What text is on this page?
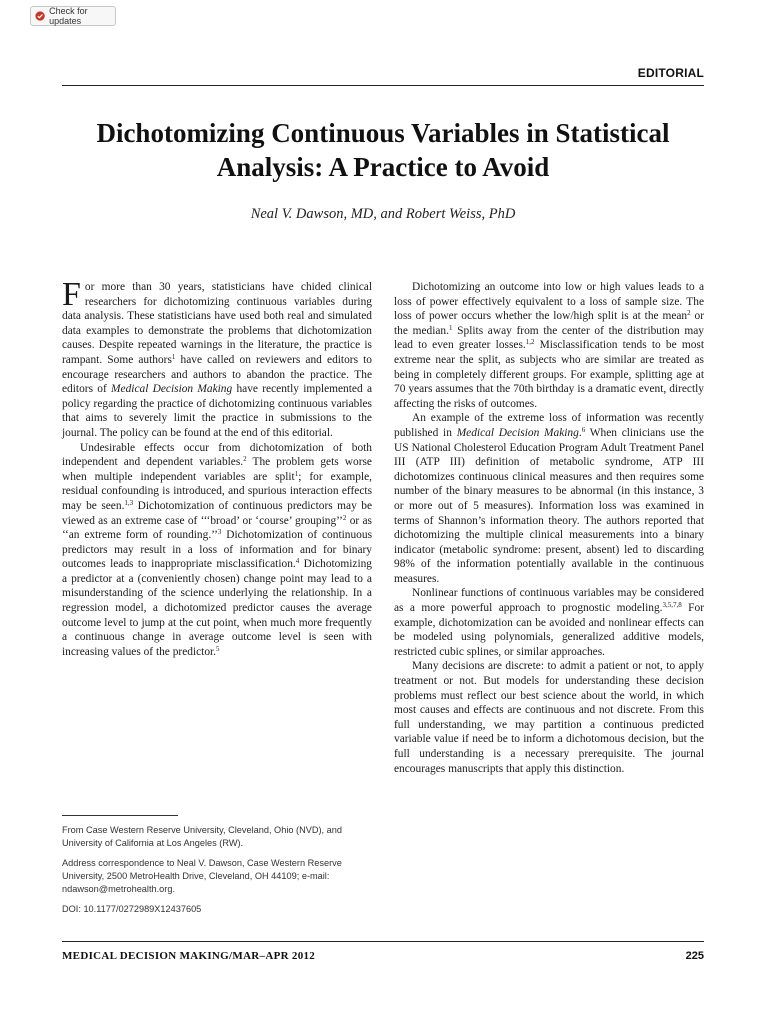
Check for updates
EDITORIAL
Dichotomizing Continuous Variables in Statistical Analysis: A Practice to Avoid
Neal V. Dawson, MD, and Robert Weiss, PhD

For more than 30 years, statisticians have chided clinical researchers for dichotomizing continuous variables during data analysis. These statisticians have used both real and simulated data examples to demonstrate the problems that dichotomization causes. Despite repeated warnings in the literature, the practice is rampant. Some authors$^1$ have called on reviewers and editors to encourage researchers and authors to abandon the practice. The editors of Medical Decision Making have recently implemented a policy regarding the practice of dichotomizing continuous variables that aims to severely limit the practice in submissions to the journal. The policy can be found at the end of this editorial.

Undesirable effects occur from dichotomization of both independent and dependent variables.$^2$ The problem gets worse when multiple independent variables are split$^1$; for example, residual confounding is introduced, and spurious interaction effects may be seen.$^{1,3}$ Dichotomization of continuous predictors may be viewed as an extreme case of ‘‘‘broad’ or ‘course’ grouping’’$^2$ or as ‘‘an extreme form of rounding.’’$^3$ Dichotomization of continuous predictors may result in a loss of information and for binary outcomes leads to inappropriate misclassification.$^4$ Dichotomizing a predictor at a (conveniently chosen) change point may lead to a misunderstanding of the science underlying the relationship. In a regression model, a dichotomized predictor causes the average outcome level to jump at the cut point, when much more frequently a continuous change in average outcome level is seen with increasing values of the predictor.$^5$

Dichotomizing an outcome into low or high values leads to a loss of power effectively equivalent to a loss of sample size. The loss of power occurs whether the low/high split is at the mean$^2$ or the median.$^1$ Splits away from the center of the distribution may lead to even greater losses.$^{1,2}$ Misclassification tends to be most extreme near the split, as subjects who are similar are treated as being in completely different groups. For example, splitting age at 70 years assumes that the 70th birthday is a dramatic event, directly affecting the risks of outcomes.

An example of the extreme loss of information was recently published in Medical Decision Making.$^6$ When clinicians use the US National Cholesterol Education Program Adult Treatment Panel III (ATP III) definition of metabolic syndrome, ATP III dichotomizes continuous clinical measures and then requires some number of the binary measures to be abnormal (in this instance, 3 or more out of 5 measures). Information loss was examined in terms of Shannon’s information theory. The authors reported that dichotomizing the multiple clinical measurements into a binary indicator (metabolic syndrome: present, absent) led to discarding 98% of the information potentially available in the continuous measures.

Nonlinear functions of continuous variables may be considered as a more powerful approach to prognostic modeling.$^{3,5,7,8}$ For example, dichotomization can be avoided and nonlinear effects can be modeled using polynomials, generalized additive models, restricted cubic splines, or similar approaches.

Many decisions are discrete: to admit a patient or not, to apply treatment or not. But models for understanding these decision problems must reflect our best science about the world, in which most causes and effects are continuous and not discrete. From this full understanding, we may partition a continuous predicted variable value if need be to inform a dichotomous decision, but the full understanding is a necessary prerequisite. The journal encourages manuscripts that apply this distinction.

From Case Western Reserve University, Cleveland, Ohio (NVD), and University of California at Los Angeles (RW).

Address correspondence to Neal V. Dawson, Case Western Reserve University, 2500 MetroHealth Drive, Cleveland, OH 44109; e-mail: ndawson@metrohealth.org.

DOI: 10.1177/0272989X12437605

MEDICAL DECISION MAKING/MAR–APR 2012	225
